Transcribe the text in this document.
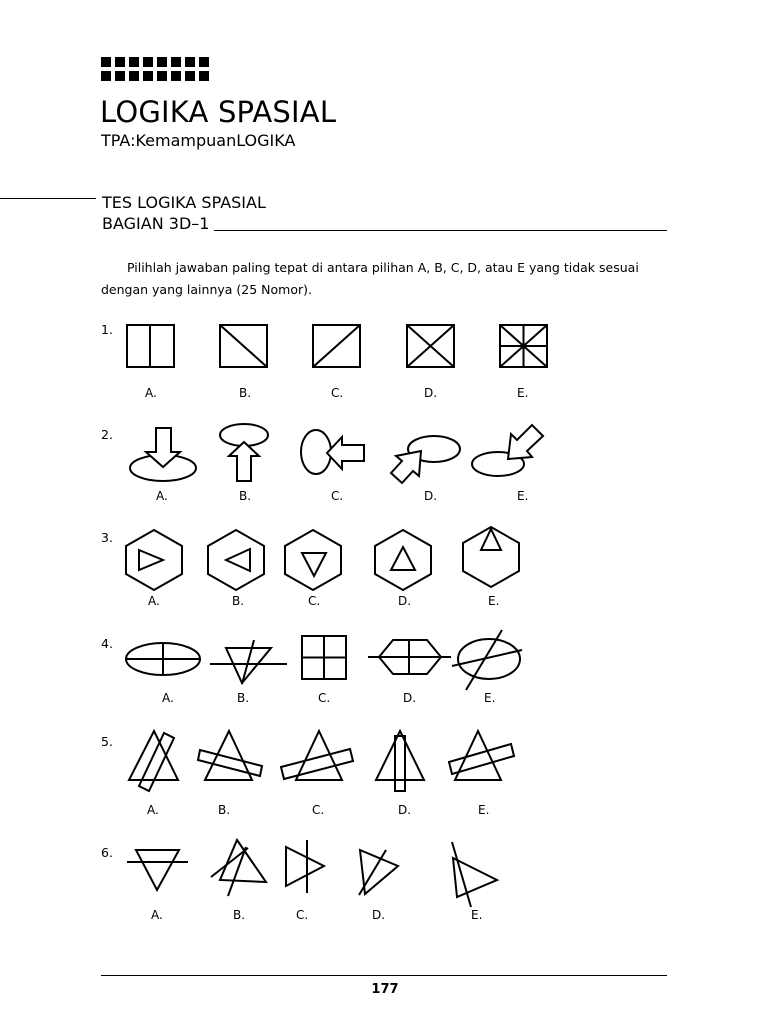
LOGIKA SPASIAL
TPA:KemampuanLOGIKA
TES LOGIKA SPASIAL
BAGIAN 3D–1
Pilihlah jawaban paling tepat di antara pilihan A, B, C, D, atau E yang tidak sesuai dengan yang lainnya (25 Nomor).
1.
2.
3.
4.
5.
6.
A.	B.	C.	D.	E.
A.	B.	C.	D.	E.
A.	B.	C.	D.	E.
A.	B.	C.	D.	E.
A.	B.	C.	D.	E.
A.	B.	C.	D.	E.
177
